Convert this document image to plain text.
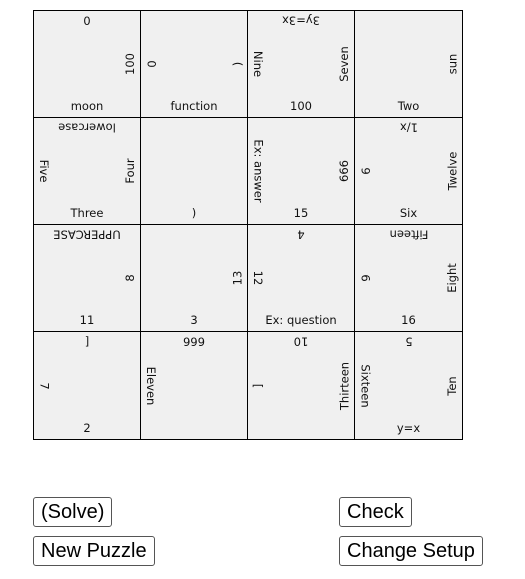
moon
0
100
function
0	)
100
3y=3x
Nine	Seven
Two
sun
Three
lowercase
Five	Four
)	15
Ex: answer	666
Six
1/x
9	Twelve
11
UPPERCASE
8
3
13
Ex: question
4
12
16
Fifteen
6	Eight
2
[
7
666
Eleven
10
[	Thirteen
y=x
5
Sixteen	Ten
(Solve)	Check
New Puzzle	Change Setup
